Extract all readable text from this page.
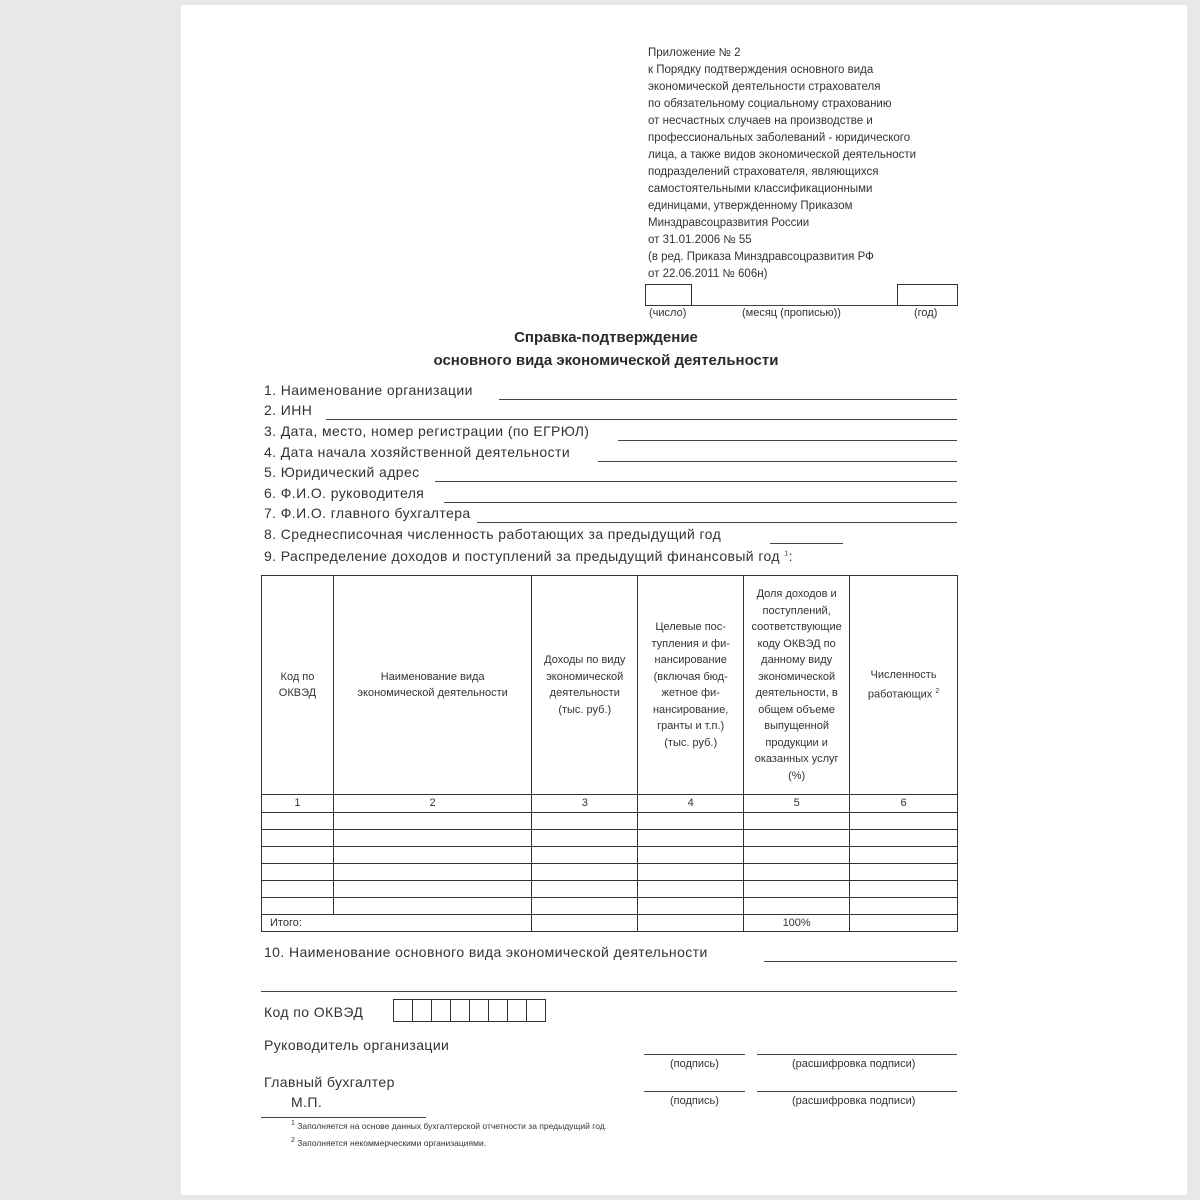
Приложение № 2
к Порядку подтверждения основного вида
экономической деятельности страхователя
по обязательному социальному страхованию
от несчастных случаев на производстве и
профессиональных заболеваний - юридического
лица, а также видов экономической деятельности
подразделений страхователя, являющихся
самостоятельными классификационными
единицами, утвержденному Приказом
Минздравсоцразвития России
от 31.01.2006 № 55
(в ред. Приказа Минздравсоцразвития РФ
от 22.06.2011 № 606н)
(число)	(месяц (прописью))	(год)
Справка-подтверждение
основного вида экономической деятельности
1. Наименование организации
2. ИНН
3. Дата, место, номер регистрации (по ЕГРЮЛ)
4. Дата начала хозяйственной деятельности
5. Юридический адрес
6. Ф.И.О. руководителя
7. Ф.И.О. главного бухгалтера
8. Среднесписочная численность работающих за предыдущий год
9. Распределение доходов и поступлений за предыдущий финансовый год $^1$:
Код по ОКВЭД	Наименование вида экономической деятельности	Доходы по виду экономической деятельности (тыс. руб.)	Целевые пос-тупления и фи-нансирование (включая бюд-жетное фи-нансирование, гранты и т.п.) (тыс. руб.)	Доля доходов и поступлений, соответствующие коду ОКВЭД по данному виду экономической деятельности, в общем объеме выпущенной продукции и оказанных услуг (%)	Численность работающих $^2$
1	2	3	4	5	6

Итого:				100%	
10. Наименование основного вида экономической деятельности
Код по ОКВЭД
Руководитель организации
(подпись)	(расшифровка подписи)
Главный бухгалтер
(подпись)	(расшифровка подписи)
М.П.
$^1$ Заполняется на основе данных бухгалтерской отчетности за предыдущий год.
$^2$ Заполняется некоммерческими организациями.
